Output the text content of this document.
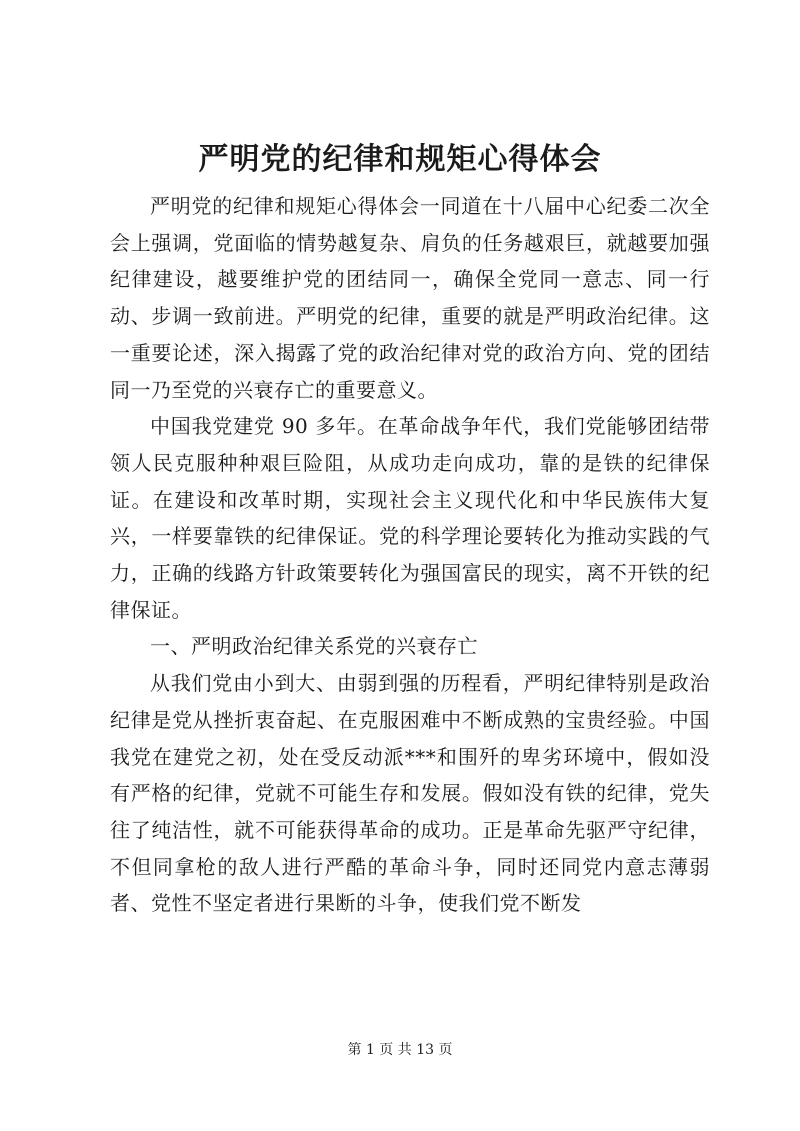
严明党的纪律和规矩心得体会

严明党的纪律和规矩心得体会一同道在十八届中心纪委二次全会上强调，党面临的情势越复杂、肩负的任务越艰巨，就越要加强纪律建设，越要维护党的团结同一，确保全党同一意志、同一行动、步调一致前进。严明党的纪律，重要的就是严明政治纪律。这一重要论述，深入揭露了党的政治纪律对党的政治方向、党的团结同一乃至党的兴衰存亡的重要意义。

中国我党建党 90 多年。在革命战争年代，我们党能够团结带领人民克服种种艰巨险阻，从成功走向成功，靠的是铁的纪律保证。在建设和改革时期，实现社会主义现代化和中华民族伟大复兴，一样要靠铁的纪律保证。党的科学理论要转化为推动实践的气力，正确的线路方针政策要转化为强国富民的现实，离不开铁的纪律保证。

一、严明政治纪律关系党的兴衰存亡

从我们党由小到大、由弱到强的历程看，严明纪律特别是政治纪律是党从挫折衷奋起、在克服困难中不断成熟的宝贵经验。中国我党在建党之初，处在受反动派***和围歼的卑劣环境中，假如没有严格的纪律，党就不可能生存和发展。假如没有铁的纪律，党失往了纯洁性，就不可能获得革命的成功。正是革命先驱严守纪律，不但同拿枪的敌人进行严酷的革命斗争，同时还同党内意志薄弱者、党性不坚定者进行果断的斗争，使我们党不断发

第 1 页 共 13 页
